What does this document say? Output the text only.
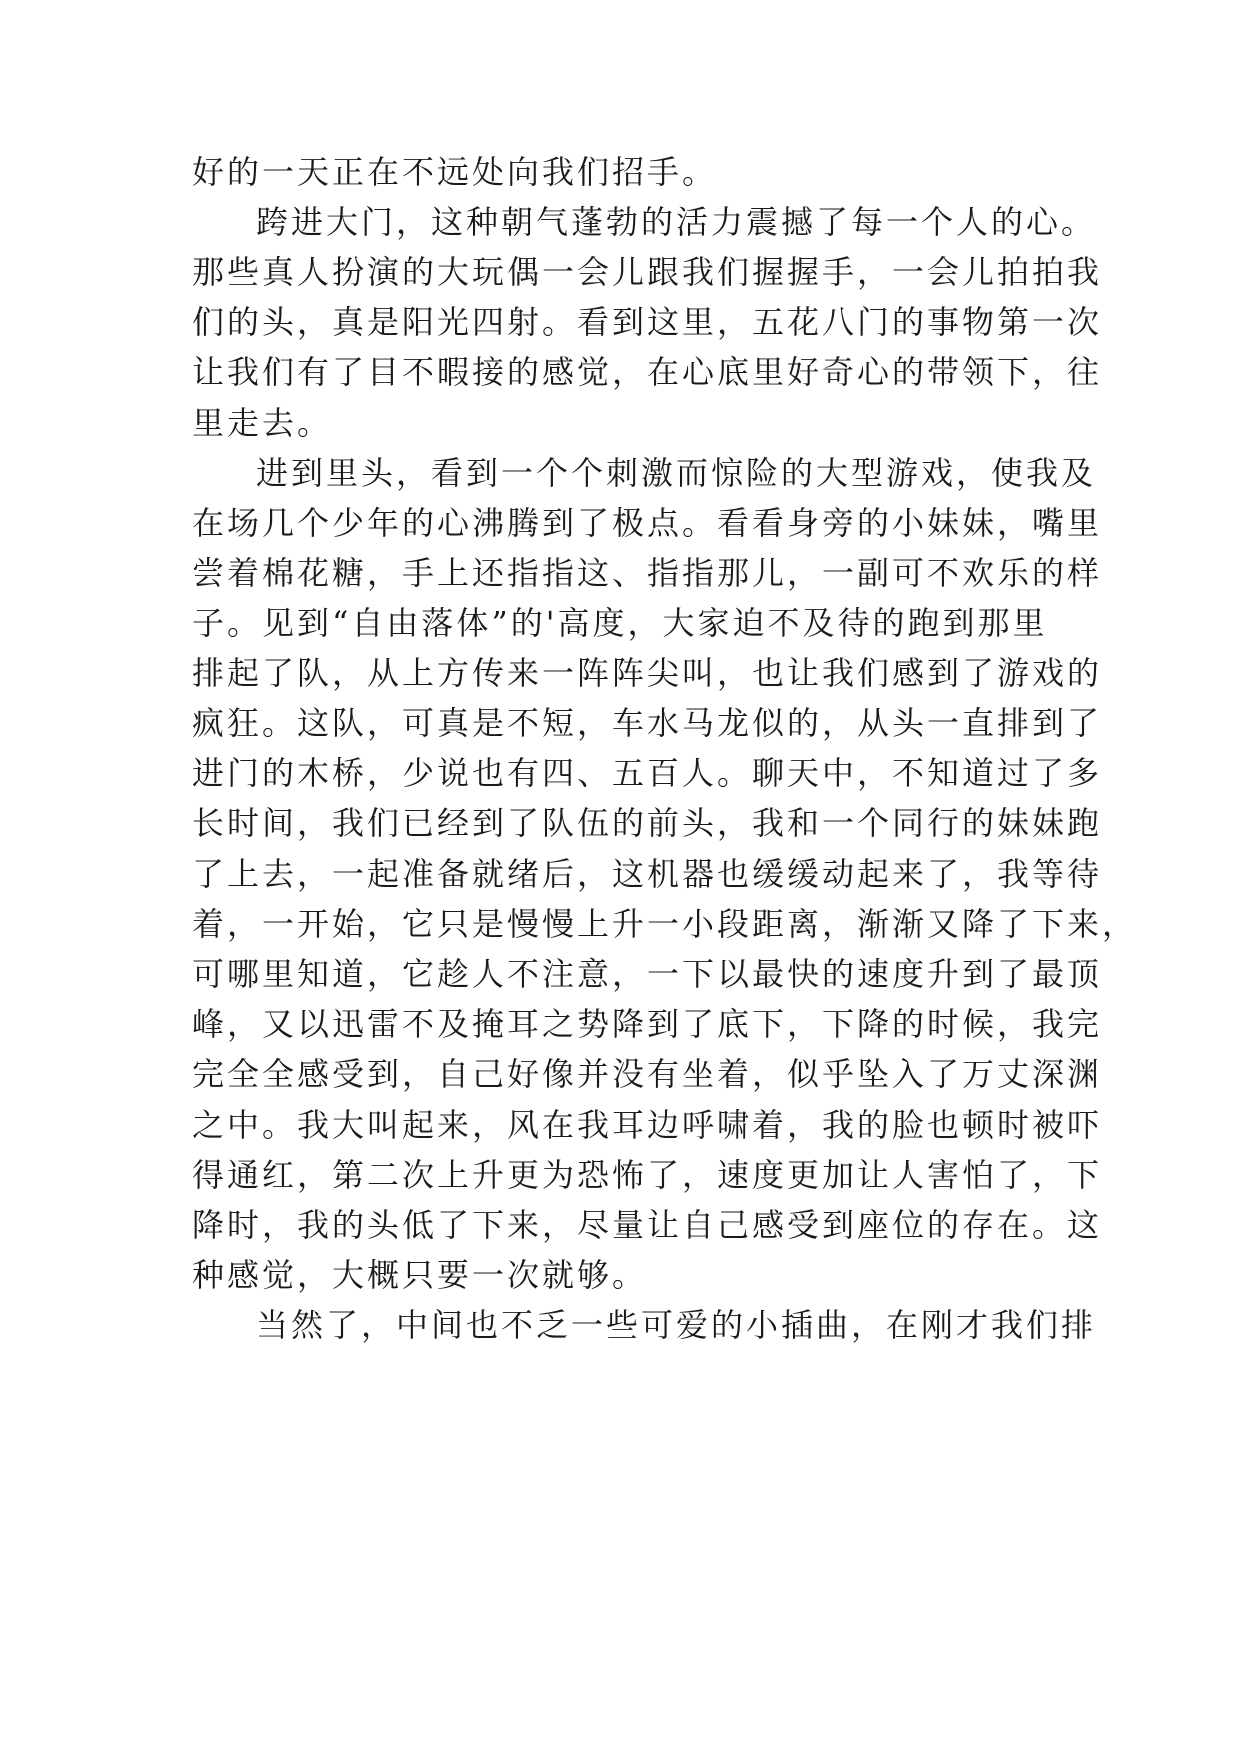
好的一天正在不远处向我们招手。
跨进大门，这种朝气蓬勃的活力震撼了每一个人的心。
那些真人扮演的大玩偶一会儿跟我们握握手，一会儿拍拍我
们的头，真是阳光四射。看到这里，五花八门的事物第一次
让我们有了目不暇接的感觉，在心底里好奇心的带领下，往
里走去。
进到里头，看到一个个刺激而惊险的大型游戏，使我及
在场几个少年的心沸腾到了极点。看看身旁的小妹妹，嘴里
尝着棉花糖，手上还指指这、指指那儿，一副可不欢乐的样
子。见到“自由落体”的'高度，大家迫不及待的跑到那里
排起了队，从上方传来一阵阵尖叫，也让我们感到了游戏的
疯狂。这队，可真是不短，车水马龙似的，从头一直排到了
进门的木桥，少说也有四、五百人。聊天中，不知道过了多
长时间，我们已经到了队伍的前头，我和一个同行的妹妹跑
了上去，一起准备就绪后，这机器也缓缓动起来了，我等待
着，一开始，它只是慢慢上升一小段距离，渐渐又降了下来，
可哪里知道，它趁人不注意，一下以最快的速度升到了最顶
峰，又以迅雷不及掩耳之势降到了底下，下降的时候，我完
完全全感受到，自己好像并没有坐着，似乎坠入了万丈深渊
之中。我大叫起来，风在我耳边呼啸着，我的脸也顿时被吓
得通红，第二次上升更为恐怖了，速度更加让人害怕了，下
降时，我的头低了下来，尽量让自己感受到座位的存在。这
种感觉，大概只要一次就够。
当然了，中间也不乏一些可爱的小插曲，在刚才我们排
